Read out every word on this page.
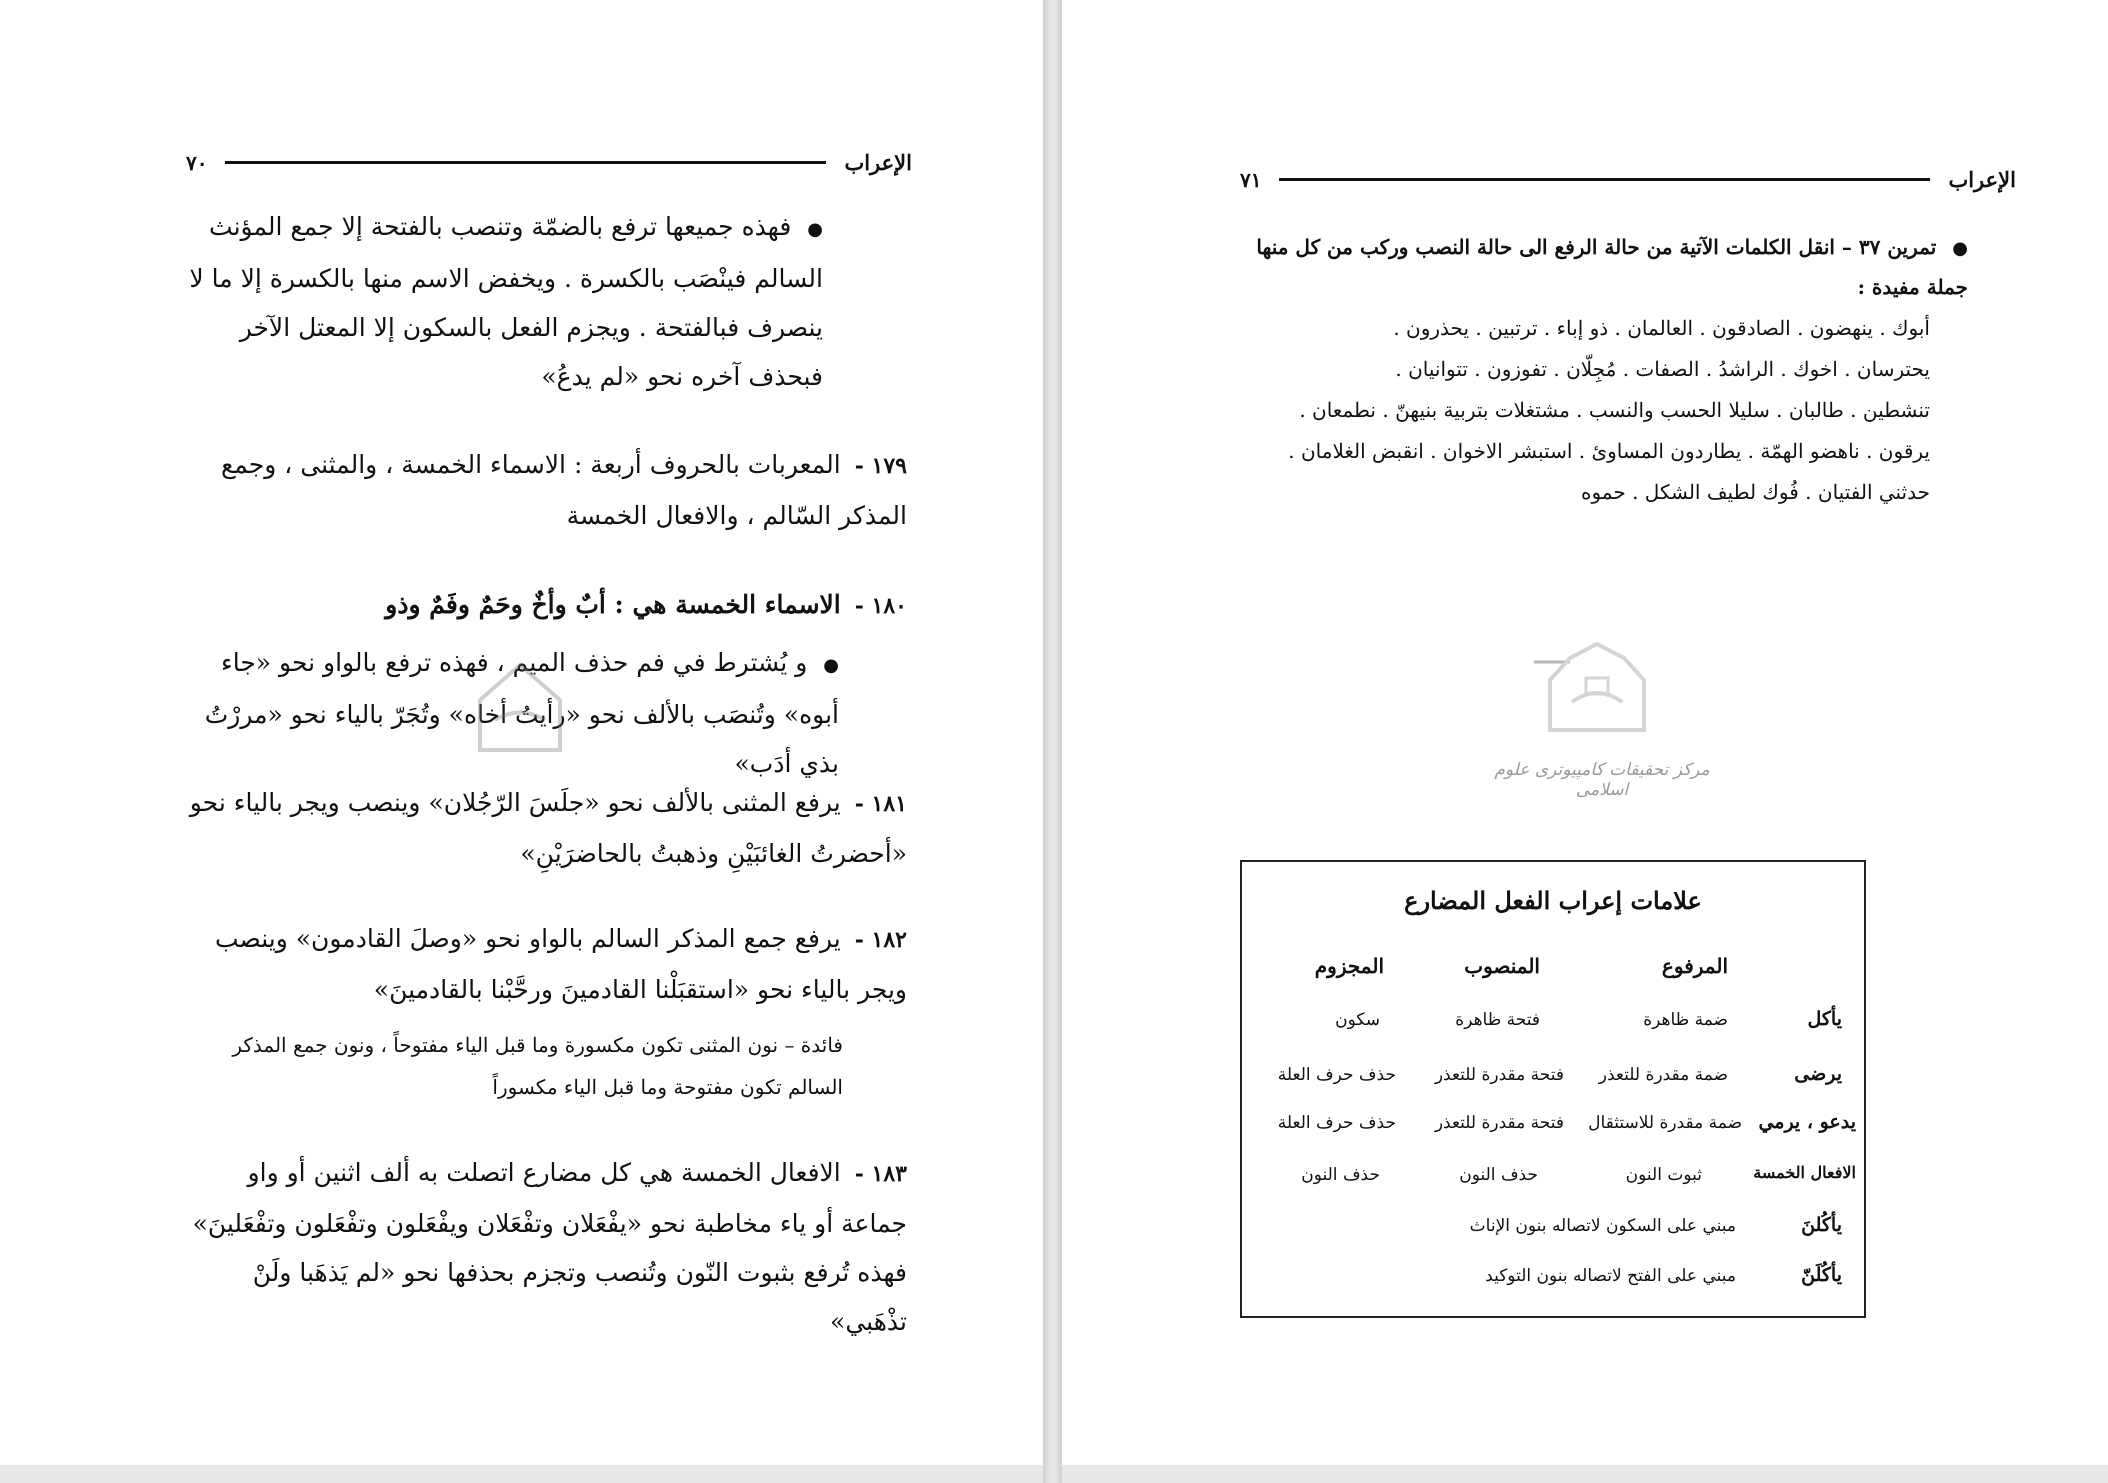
الإعراب
٧٠
●فهذه جميعها ترفع بالضمّة وتنصب بالفتحة إلا جمع المؤنث السالم فينْصَب بالكسرة . ويخفض الاسم منها بالكسرة إلا ما لا ينصرف فبالفتحة . ويجزم الفعل بالسكون إلا المعتل الآخر فبحذف آخره نحو «لم يدعُ»
١٧٩ -المعربات بالحروف أربعة : الاسماء الخمسة ، والمثنى ، وجمع المذكر السّالم ، والافعال الخمسة
١٨٠ -الاسماء الخمسة هي : أبٌ وأخٌ وحَمٌ وفَمٌ وذو
●و يُشترط في فم حذف الميم ، فهذه ترفع بالواو نحو «جاء أبوه» وتُنصَب بالألف نحو «رأيتُ أخاه» وتُجَرّ بالياء نحو «مررْتُ بذي أدَب»
١٨١ -يرفع المثنى بالألف نحو «جلَسَ الرّجُلان» وينصب ويجر بالياء نحو «أحضرتُ الغائبَيْنِ وذهبتُ بالحاضرَيْنِ»
١٨٢ -يرفع جمع المذكر السالم بالواو نحو «وصلَ القادمون» وينصب ويجر بالياء نحو «استقبَلْنا القادمينَ ورحَّبْنا بالقادمينَ»
فائدة – نون المثنى تكون مكسورة وما قبل الياء مفتوحاً ، ونون جمع المذكر السالم تكون مفتوحة وما قبل الياء مكسوراً
١٨٣ -الافعال الخمسة هي كل مضارع اتصلت به ألف اثنين أو واو جماعة أو ياء مخاطبة نحو «يفْعَلان وتفْعَلان ويفْعَلون وتفْعَلون وتفْعَلينَ» فهذه تُرفع بثبوت النّون وتُنصب وتجزم بحذفها نحو «لم يَذهَبا ولَنْ تذْهَبي»
الإعراب
٧١
●تمرين ٣٧ – انقل الكلمات الآتية من حالة الرفع الى حالة النصب وركب من كل منها جملة مفيدة :
أبوك . ينهضون . الصادقون . العالمان . ذو إباء . ترتبين . يحذرون .
يحترسان . اخوك . الراشدُ . الصفات . مُجِلّان . تفوزون . تتوانيان .
تنشطين . طالبان . سليلا الحسب والنسب . مشتغلات بتربية بنيهنّ . نطمعان .
يرقون . ناهضو الهمّة . يطاردون المساوئ . استبشر الاخوان . انقبض الغلامان .
حدثني الفتيان . فُوك لطيف الشكل . حموه
مركز تحقيقات كامپيوتری علوم اسلامی
علامات إعراب الفعل المضارع
المرفوع
المنصوب
المجزوم
يأكل
ضمة ظاهرة
فتحة ظاهرة
سكون
يرضى
ضمة مقدرة للتعذر
فتحة مقدرة للتعذر
حذف حرف العلة
يدعو ، يرمي
ضمة مقدرة للاستثقال
فتحة مقدرة للتعذر
حذف حرف العلة
الافعال الخمسة
ثبوت النون
حذف النون
حذف النون
يأكُلنَ
مبني على السكون لاتصاله بنون الإناث
يأكُلَنّ
مبني على الفتح لاتصاله بنون التوكيد
